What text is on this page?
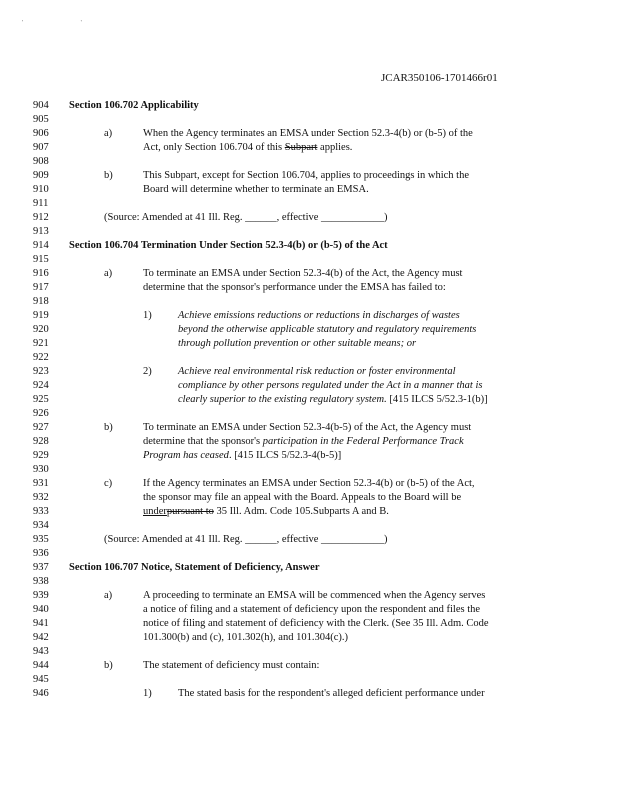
' '
JCAR350106-1701466r01
904	Section 106.702 Applicability
905
906	a)	When the Agency terminates an EMSA under Section 52.3-4(b) or (b-5) of the
907	Act, only Section 106.704 of this Subpart applies.
908
909	b)	This Subpart, except for Section 106.704, applies to proceedings in which the
910	Board will determine whether to terminate an EMSA.
911
912	(Source: Amended at 41 Ill. Reg. ______, effective ____________)
913
914	Section 106.704 Termination Under Section 52.3-4(b) or (b-5) of the Act
915
916	a)	To terminate an EMSA under Section 52.3-4(b) of the Act, the Agency must
917	determine that the sponsor's performance under the EMSA has failed to:
918
919	1)	Achieve emissions reductions or reductions in discharges of wastes
920	beyond the otherwise applicable statutory and regulatory requirements
921	through pollution prevention or other suitable means; or
922
923	2)	Achieve real environmental risk reduction or foster environmental
924	compliance by other persons regulated under the Act in a manner that is
925	clearly superior to the existing regulatory system. [415 ILCS 5/52.3-1(b)]
926
927	b)	To terminate an EMSA under Section 52.3-4(b-5) of the Act, the Agency must
928	determine that the sponsor's participation in the Federal Performance Track
929	Program has ceased. [415 ILCS 5/52.3-4(b-5)]
930
931	c)	If the Agency terminates an EMSA under Section 52.3-4(b) or (b-5) of the Act,
932	the sponsor may file an appeal with the Board. Appeals to the Board will be
933	underpursuant to 35 Ill. Adm. Code 105.Subparts A and B.
934
935	(Source: Amended at 41 Ill. Reg. ______, effective ____________)
936
937	Section 106.707 Notice, Statement of Deficiency, Answer
938
939	a)	A proceeding to terminate an EMSA will be commenced when the Agency serves
940	a notice of filing and a statement of deficiency upon the respondent and files the
941	notice of filing and statement of deficiency with the Clerk. (See 35 Ill. Adm. Code
942	101.300(b) and (c), 101.302(h), and 101.304(c).)
943
944	b)	The statement of deficiency must contain:
945
946	1)	The stated basis for the respondent's alleged deficient performance under
